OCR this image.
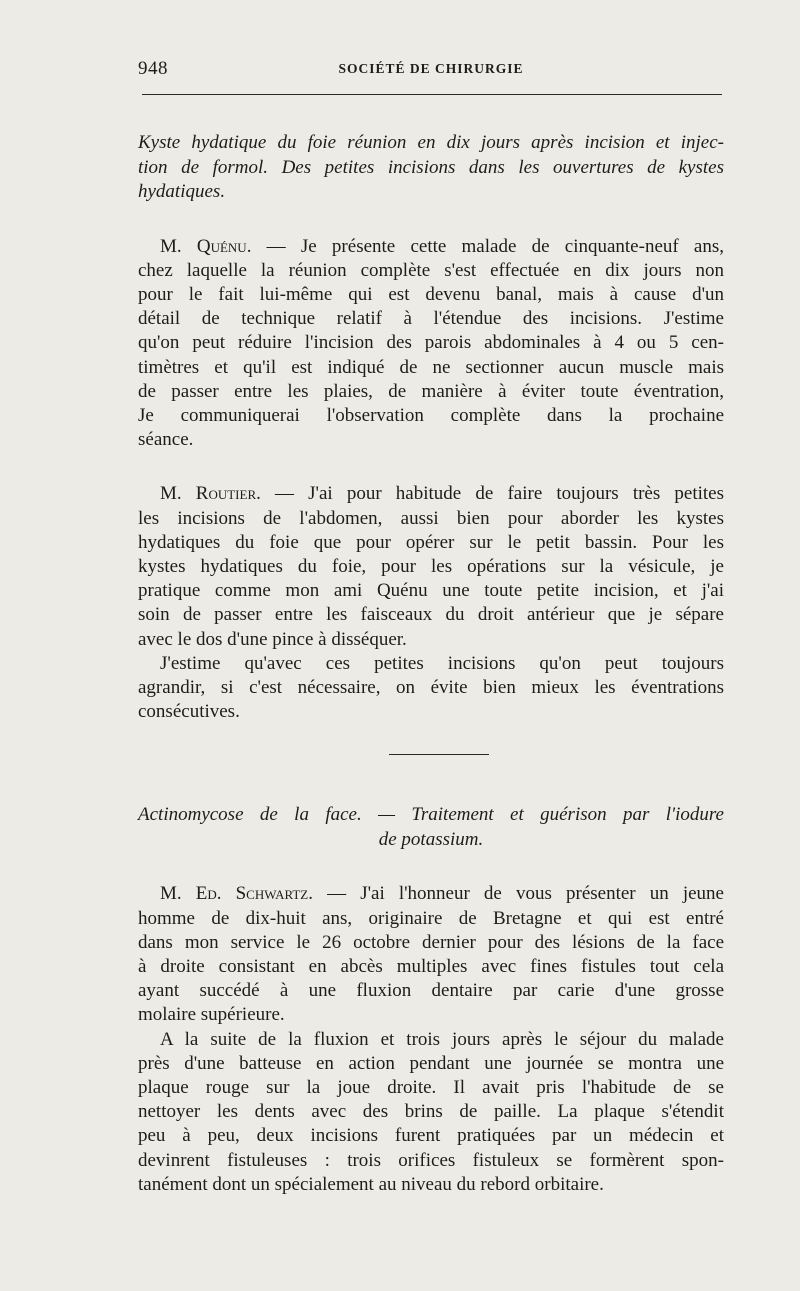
948	SOCIÉTÉ DE CHIRURGIE

Kyste hydatique du foie réunion en dix jours après incision et injec-
tion de formol. Des petites incisions dans les ouvertures de kystes
hydatiques.

M. Quénu. — Je présente cette malade de cinquante-neuf ans,
chez laquelle la réunion complète s'est effectuée en dix jours non
pour le fait lui-même qui est devenu banal, mais à cause d'un
détail de technique relatif à l'étendue des incisions. J'estime
qu'on peut réduire l'incision des parois abdominales à 4 ou 5 cen-
timètres et qu'il est indiqué de ne sectionner aucun muscle mais
de passer entre les plaies, de manière à éviter toute éventration,
Je communiquerai l'observation complète dans la prochaine
séance.

M. Routier. — J'ai pour habitude de faire toujours très petites
les incisions de l'abdomen, aussi bien pour aborder les kystes
hydatiques du foie que pour opérer sur le petit bassin. Pour les
kystes hydatiques du foie, pour les opérations sur la vésicule, je
pratique comme mon ami Quénu une toute petite incision, et j'ai
soin de passer entre les faisceaux du droit antérieur que je sépare
avec le dos d'une pince à disséquer.

J'estime qu'avec ces petites incisions qu'on peut toujours
agrandir, si c'est nécessaire, on évite bien mieux les éventrations
consécutives.

Actinomycose de la face. — Traitement et guérison par l'iodure
de potassium.

M. Ed. Schwartz. — J'ai l'honneur de vous présenter un jeune
homme de dix-huit ans, originaire de Bretagne et qui est entré
dans mon service le 26 octobre dernier pour des lésions de la face
à droite consistant en abcès multiples avec fines fistules tout cela
ayant succédé à une fluxion dentaire par carie d'une grosse
molaire supérieure.

A la suite de la fluxion et trois jours après le séjour du malade
près d'une batteuse en action pendant une journée se montra une
plaque rouge sur la joue droite. Il avait pris l'habitude de se
nettoyer les dents avec des brins de paille. La plaque s'étendit
peu à peu, deux incisions furent pratiquées par un médecin et
devinrent fistuleuses : trois orifices fistuleux se formèrent spon-
tanément dont un spécialement au niveau du rebord orbitaire.
